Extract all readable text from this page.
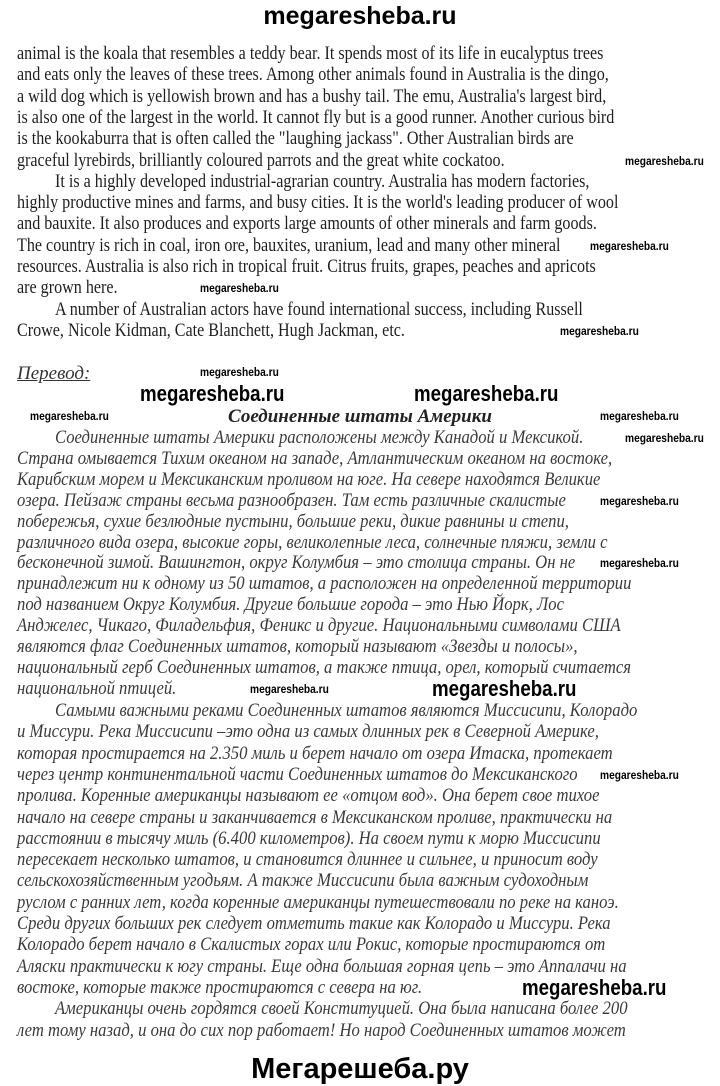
megaresheba.ru
animal is the koala that resembles a teddy bear. It spends most of its life in eucalyptus trees
and eats only the leaves of these trees. Among other animals found in Australia is the dingo,
a wild dog which is yellowish brown and has a bushy tail. The emu, Australia's largest bird,
is also one of the largest in the world. It cannot fly but is a good runner. Another curious bird
is the kookaburra that is often called the "laughing jackass". Other Australian birds are
graceful lyrebirds, brilliantly coloured parrots and the great white cockatoo.
It is a highly developed industrial-agrarian country. Australia has modern factories,
highly productive mines and farms, and busy cities. It is the world's leading producer of wool
and bauxite. It also produces and exports large amounts of other minerals and farm goods.
The country is rich in coal, iron ore, bauxites, uranium, lead and many other mineral
resources. Australia is also rich in tropical fruit. Citrus fruits, grapes, peaches and apricots
are grown here.
A number of Australian actors have found international success, including Russell
Crowe, Nicole Kidman, Cate Blanchett, Hugh Jackman, etc.
Перевод:
Соединенные штаты Америки
Соединенные штаты Америки расположены между Канадой и Мексикой.
Страна омывается Тихим океаном на западе, Атлантическим океаном на востоке,
Карибским морем и Мексиканским проливом на юге. На севере находятся Великие
озера. Пейзаж страны весьма разнообразен. Там есть различные скалистые
побережья, сухие безлюдные пустыни, большие реки, дикие равнины и степи,
различного вида озера, высокие горы, великолепные леса, солнечные пляжи, земли с
бесконечной зимой. Вашингтон, округ Колумбия – это столица страны. Он не
принадлежит ни к одному из 50 штатов, а расположен на определенной территории
под названием Округ Колумбия. Другие большие города – это Нью Йорк, Лос
Анджелес, Чикаго, Филадельфия, Феникс и другие. Национальными символами США
являются флаг Соединенных штатов, который называют «Звезды и полосы»,
национальный герб Соединенных штатов, а также птица, орел, который считается
национальной птицей.
Самыми важными реками Соединенных штатов являются Миссисипи, Колорадо
и Миссури. Река Миссисипи –это одна из самых длинных рек в Северной Америке,
которая простирается на 2.350 миль и берет начало от озера Итаска, протекает
через центр континентальной части Соединенных штатов до Мексиканского
пролива. Коренные американцы называют ее «отцом вод». Она берет свое тихое
начало на севере страны и заканчивается в Мексиканском проливе, практически на
расстоянии в тысячу миль (6.400 километров). На своем пути к морю Миссисипи
пересекает несколько штатов, и становится длиннее и сильнее, и приносит воду
сельскохозяйственным угодьям. А также Миссисипи была важным судоходным
руслом с ранних лет, когда коренные американцы путешествовали по реке на каноэ.
Среди других больших рек следует отметить такие как Колорадо и Миссури. Река
Колорадо берет начало в Скалистых горах или Рокис, которые простираются от
Аляски практически к югу страны. Еще одна большая горная цепь – это Аппалачи на
востоке, которые также простираются с севера на юг.
Американцы очень гордятся своей Конституцией. Она была написана более 200
лет тому назад, и она до сих пор работает! Но народ Соединенных штатов может
megaresheba.ru
megaresheba.ru
megaresheba.ru
megaresheba.ru
megaresheba.ru
megaresheba.ru	megaresheba.ru
megaresheba.ru	megaresheba.ru
megaresheba.ru
megaresheba.ru
megaresheba.ru
megaresheba.ru	megaresheba.ru
megaresheba.ru
megaresheba.ru
Мегарешеба.ру
